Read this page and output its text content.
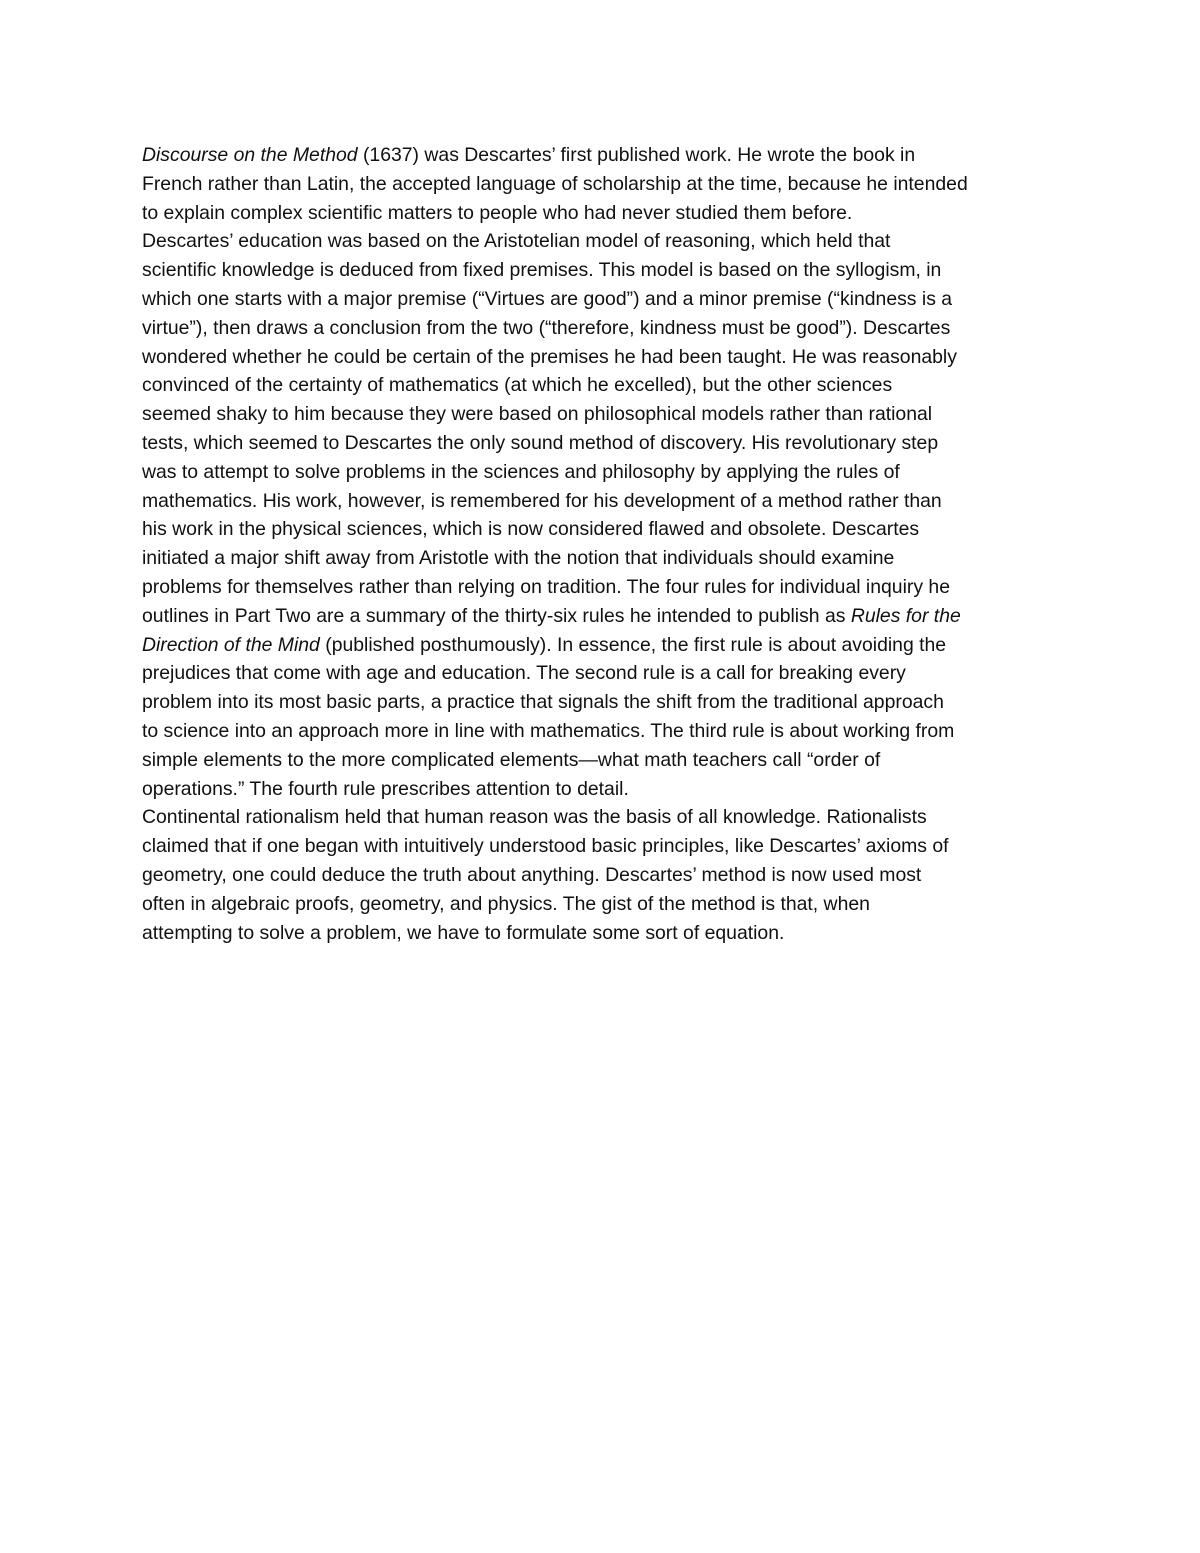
Discourse on the Method (1637) was Descartes’ first published work. He wrote the book in
French rather than Latin, the accepted language of scholarship at the time, because he intended
to explain complex scientific matters to people who had never studied them before.
Descartes’ education was based on the Aristotelian model of reasoning, which held that
scientific knowledge is deduced from fixed premises. This model is based on the syllogism, in
which one starts with a major premise (“Virtues are good”) and a minor premise (“kindness is a
virtue”), then draws a conclusion from the two (“therefore, kindness must be good”). Descartes
wondered whether he could be certain of the premises he had been taught. He was reasonably
convinced of the certainty of mathematics (at which he excelled), but the other sciences
seemed shaky to him because they were based on philosophical models rather than rational
tests, which seemed to Descartes the only sound method of discovery. His revolutionary step
was to attempt to solve problems in the sciences and philosophy by applying the rules of
mathematics. His work, however, is remembered for his development of a method rather than
his work in the physical sciences, which is now considered flawed and obsolete. Descartes
initiated a major shift away from Aristotle with the notion that individuals should examine
problems for themselves rather than relying on tradition. The four rules for individual inquiry he
outlines in Part Two are a summary of the thirty-six rules he intended to publish as Rules for the
Direction of the Mind (published posthumously). In essence, the first rule is about avoiding the
prejudices that come with age and education. The second rule is a call for breaking every
problem into its most basic parts, a practice that signals the shift from the traditional approach
to science into an approach more in line with mathematics. The third rule is about working from
simple elements to the more complicated elements—what math teachers call “order of
operations.” The fourth rule prescribes attention to detail.
Continental rationalism held that human reason was the basis of all knowledge. Rationalists
claimed that if one began with intuitively understood basic principles, like Descartes’ axioms of
geometry, one could deduce the truth about anything. Descartes’ method is now used most
often in algebraic proofs, geometry, and physics. The gist of the method is that, when
attempting to solve a problem, we have to formulate some sort of equation.
